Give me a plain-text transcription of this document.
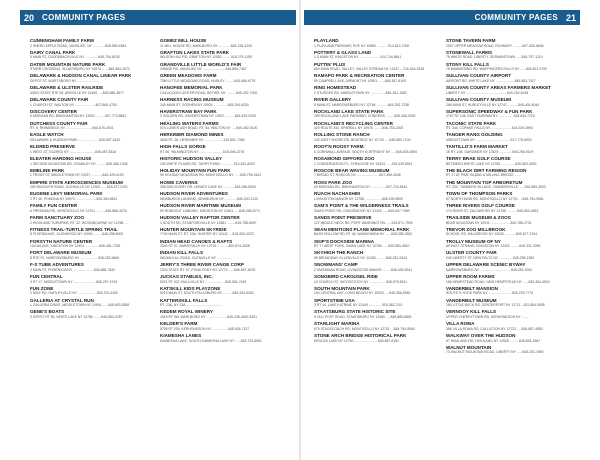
20 COMMUNITY PAGES	COMMUNITY PAGES 21
CUNNINGHAM FAMILY FARM
2 SHERD APPLE ROAD, VANSLIKE, NY .............845-583-6383
DAIRY CANAL PARK
5 MAIN ST, CUDDEBACKVILLE NY ..............845-754-8108
DATER MOUNTAIN NATURE PARK
STARR CROSSING, SLOATSBURG NY 10974 .......845-364-2670
DELAWARE & HUDSON CANAL LINEAR PARK
DEPOT ST, WURTSBORO NY .......................
DELAWARE & ULSTER RAILRIDE
43510 STATE RTE 28, ARKVILLE NY 12406 .....845-586-3877
DELAWARE COUNTY FAIR
1 CHURCH ST, WALTON NY ......................607-865-4763
DISCOVERY CENTER
6 MORGAN RD, BINGHAMTON NY 13903 ..........607-773-8661
DUTCHESS COUNTY FAIR
RT. 9, RHINEBECK NY ............................845-876-4001
EAGLE WATCH
DELAWARE & HUDSON PARK ......................845-557-6162
ELDRED PRESERVE
1 WEST ST, ELDRED NY ...........................845-557-8316
ELEATER HARDING HOUSE
1 SECOND MOUNTAIN RD, CRAWLEY NY ..........845-386-1445
EMELINE PARK
1 FRONT ST, MIDDLETOWN NY 10927 ............845-329-6100
EMPIRE STATE AEROSCIENCES MUSEUM
250 RUDOLPH ROAD, GLENVILLE NY 12302 ......518-377-2191
EUGENE LEVY MEMORIAL PARK
2 RT 45, POMONA NY 10970 ......................845-354-8811
FAMILY FUN CENTER
6 FREEMAN RD, MONTICELLO NY 12701 ..........845-888-3276
FARM SANCTUARY ZOO
2 HIGHLAND TURNPIKE, RT. 32, WOODBOURNE NY 12788 .....
FITNESS TRAIL-TURTLE SPRING TRAIL
8 FLORIDA AVE, GLENWOOD NY 12594 .........845-298-5000
FORSYTH NATURE CENTER
LUCAS AVE, KINGSTON NY 12401 ...............845-481-7333
FORT DELAWARE MUSEUM
8 RTE 97, NARROWSBURG NY ...................845-252-6660
F-S TUBE ADVENTURES
2 MAIN ST, PHOENICIA NY ......................845-688-7633
FUN CENTRAL
4 RT 17, MIDDLETOWN NY ........................845-297-1919
FUN ZONE
2 MILE RD, HURLEYVILLE NY ....................845-791-4400
GALLERIA AT CRYSTAL RUN
1 GALLERIA DRIVE, MIDDLETOWN NY 10941 ......845-693-8368
GENE'S BOATS
3 GRYST RT 55, WHITE LAKE NY 12786 ........845-583-4787
GOMEZ MILL HOUSE
11 MILL HOUSE RD, MARLBORO NY .............845-236-3126
GRAFTON LAKES STATE PARK
WILSON HILL RD, GRAFTON NY 12082 .........518-279-1155
GRANDVILLE LITTLE WORLD'S FAIR
GRAND RD, VANSLIKE NY ........................845-865-7467
GREEN MEADOWS FARM
7360 LITTLE MEADOWS ROAD, HURLEY .........845-466-6778
HANOFEE MEMORIAL PARK
CALLICOON CENTER ROAD, BETHEL NY ..........845-252-7000
HARNESS RACING MUSEUM
240 MAIN ST, GOSHEN NY 10924 ...............845-294-6330
HAVERSTRAW BAY PARK
2 GOLDEN RD, HAVERSTRAW NY 10927 ..........845-429-9326
HEALING WATERS FARMS
574 LOWER ASH ROAD, RT. 64, WALTON NY .....845-482-0100
HERKIMER DIAMOND MINES
4626 RT. 28, HERKIMER NY ....................315-891-7355
HIGH FALLS GORGE
RT 86, WILMINGTON NY .........................518-946-2278
HISTORIC HUDSON VALLEY
150 WHITE PLAINS RD, TARRYTOWN ..............914-631-8200
HOLIDAY MOUNTAIN FUN PARK
99 HOLIDAY MOUNTAIN RD, MONTICELLO NY ......845-796-3161
HOWE CAVERNS
255 DISCOVERY DR, HOWES CAVE NY ............518-296-8900
HUDSON RIVER ADVENTURES
NEWBURGH LANDING, NEWBURGH NY .............845-220-2120
HUDSON RIVER MARITIME MUSEUM
50 RONDOUT LANDING, KINGSTON NY 12401 .....845-338-0071
HUDSON VALLEY RAPTOR CENTER
1 SOUTH RD, STANFORDVILLE NY 12581 .........845-758-6957
HUNTER MOUNTAIN SKYRIDE
7740 MAIN ST, RT. 23A, HUNTER NY 12442 ....518-263-4223
INDIAN HEAD CANOES & RAFTS
3340 RT 97, BARRYVILLE NY 12719 ............800-874-2628
INDIAN KILL FALLS
INDIAN KILL ROAD, GLENVILLE NY ..............
JERRY'S THREE RIVER CANOE CORP
2333 STATE RT. 97, POND EDDY NY 12770 ......845-557-6078
JUCKAS STABLES, INC.
5201 RT 302, BULLVILLE NY .....................845-361-7429
KATSKILL KIDS PLAYZONE
5219 MAIN ST, SOUTH FALLSBURG NY ..........845-434-5262
KATTERSKILL FALLS
RT. 23A, NY 23A ......................................
KEDEM ROYAL WINERY
1519 RT 9W, MARLBORO NY ......................845-236-4000-4281
KELDER'S FARM
5755 RT 209, KERHONKSON NY .................845-626-7137
KIAMESHA LANES
KIAMESHA LAKE, SOUTH KIAMESHA LAKE NY ......845-794-5561
PLAYLAND
1 PLAYLAND PARKWAY, RYE NY 10580 ............914-813-7000
POTTERY & GLASS LAND
1 S MAIN ST, KINGSTON NY ......................914-744-6841
PUTTIN' PLUS
654 MAIN ROAD, VALLEY, VALLEY STREAM NY 12437 ...716-346-1818
RAMAPO PARK & RECREATION CENTER
59 CAMPBELL AVE, AIRMONT NY 10901 .......845-357-6100
RING HOMESTEAD
2 STURGES RD, MIDDLETOWN NY ................845-361-1562
RIVER GALLERY
8 MAIN ST, NARROWSBURG NY 12764 ............845-252-7238
ROCKLAND LAKE STATE PARK
299 ROCKLAND LAKE PARKWAY, CONGERS .........845-268-3020
ROCKLAND'S RECYCLING CENTER
420 ROUTE 340, SPARKILL NY 10976 .........845-753-2200
ROLLING STONE RANCH
242 WEST SHORE RD, BEATRICE NY 12720 .....845-583-7100
ROOT'N ROOST FARM
6 CORNWALL AVENUE, SOUTH KORTRIGHT NY .....845-526-0500
ROSAMOND GIFFORD ZOO
1 CONSERVATION PL, SYRACUSE NY 13204 ......315-435-8511
ROSCOE BEAR WAVING MUSEUM
7 BROAD ST, ROSCOE NY ........................607-498-4346
ROSS PARK ZOO
60 MORGAN RD, BINGHAMTON NY ................607-724-5461
RUACH NACHASHIM
LIVINGSTON MANOR NY 12758 ..................845-439-8900
SAM'S POINT & THE WILDERNESS TRAILS
SAM'S POINT RD, CRAGSMOOR NY 12420 ......845-647-7989
SANDS POINT PRESERVE
127 MIDDLE NECK RD, PORT WASHINGTON ......516-571-7900
SEAN MENTIONS PLANE MEMORIAL PARK
BASS HOLLOW RD, RT 46, WAWAYANDA NY ......845-355-0520
SKIP'S DOCKSIDE MARINA
RT 77 WEST FORK, SWAN LAKE NY 12783 ......845-583-4510
SKYHIGH THE RANCH
55 BROADWAY, ELLENVILLE NY 12428 ..........845-331-9343
SNOWMANS' CAMP
2 SNOWMAN ROAD, LIVINGSTON MANOR .........845-439-5641
SONGBIRD CAROUSEL RIDE
10 CHURCH ST, WOODSTOCK NY ..................845-679-5911
SOUTH MOUNTAIN PARK
194 CENTRAL AVE, LONG BEACH NY 10923 .....845-356-5960
SPORTSTIME USA
3 RT 44, LAKE KATRINE NY 12449 ..............518-382-2111
STAATSBURG STATE HISTORIC SITE
5 OLD POST ROAD, STAATSBURG NY 12580 .....845-889-8851
STARLIGHT MARINA
675 STAGECOACH RD, MONTICELLO NY 12701 ...845-794-5565
STONE ARCH BRIDGE HISTORICAL PARK
KENOZA LAKE NY 12750 .........................845-887-6181
STONE TAVERN FARM
2097 UPPER MEADOW ROAD, ROXBURY ..........607-326-6606
STONEWALL FARMS
76 WHITE ROAD, LIBERTY, GERMANTOWN ......845-797-1210
STONY KILL FALLS
79 WAWARSING RD, WAPPINGERS FALLS NY ......845-831-9700
SULLIVAN COUNTY AIRPORT
AIRPORT RD, WHITE LAKE NY ....................845-583-7427
SULLIVAN COUNTY AREAS FARMERS MARKET
LIBERTY NY ...........................................845-292-6248
SULLIVAN COUNTY MUSEUM
265 MAIN ST, HURLEYVILLE NY 12747 ...........845-434-8044
SUPERSONIC SPEEDWAY & FUN PARK
2767 RT 145, EAST DURHAM NY ................518-634-7200
TACONIC STATE PARK
RT. 344, COPAKE FALLS NY ......................518-329-3993
TANGER RANG GOLDING
MIDDLETOWN NY .....................................917-775-6920
TANTILLO'S FARM MARKET
16 RT. 208, GARDINER NY 12525 ..............845-256-9109
TERRY BRAE GOLF COURSE
BETWEEN WHITE LAKE NY 12786 ...............845-583-4000
THE BLACK DIRT FARMING REGION
RT 17 AT PINE ISLAND & MILLING BRIDGE .......
THE MOUNTAIN TOP ARBORETUM
RT. 23C, TANNERS VILLAGE, TANNERSVILLE ......518-589-3903
TOWN OF THOMPSON PARKS
57 NORTH MAIN RD, MONTICELLO NY 12701 ....845-794-9681
THREE RIVERS GOLF COURSE
174 RIVER ST, ZALOWS RD NY 12768 ...........845-693-4553
TRAILSIDE MUSEUM & ZOOS
BEAR MOUNTAIN NY 10911 .....................845-786-2701
TREVOR ZOO MILLBROOK
SCHOOL RD, MILLBROOK NY 12545 ............845-677-3704
TROLLY MUSEUM OF NY
89 EAST STRAND, KINGSTON NY 12402 .........845-331-3399
ULSTER COUNTY FAIR
249 LIBERTY ST, NEW PALTZ NY ...............845-255-1380
UPPER DELAWARE SCENIC BYWAY
NARROWSBURG NY .................................845-252-3022
UPPER ROOM FARMS
186 HEMPSTEAD ROAD, NEW HEMPSTEAD NY ......845-354-4500
VANDERBILT MANSION
ROUTE 9, HYDE PARK NY .........................845-229-7770
VANDERBILT MUSEUM
180 LITTLE NECK RD, CENTERPORT NY 11721 ..631-854-5555
VERNOOY KILL FALLS
UPPER CHERRYTOWN RD, KERHONKSON NY ........
VILLA ROMA
356 VILLA ROMA RD, CALLICOON NY 12723 .....845-887-4880
WALKWAY OVER THE HUDSON
87 HAVILAND RD, HIGHLAND NY 12528 ..........845-834-2867
WALNUT MOUNTAIN
73 WALNUT MOUNTAIN ROAD, LIBERTY NY ......845-292-7690
